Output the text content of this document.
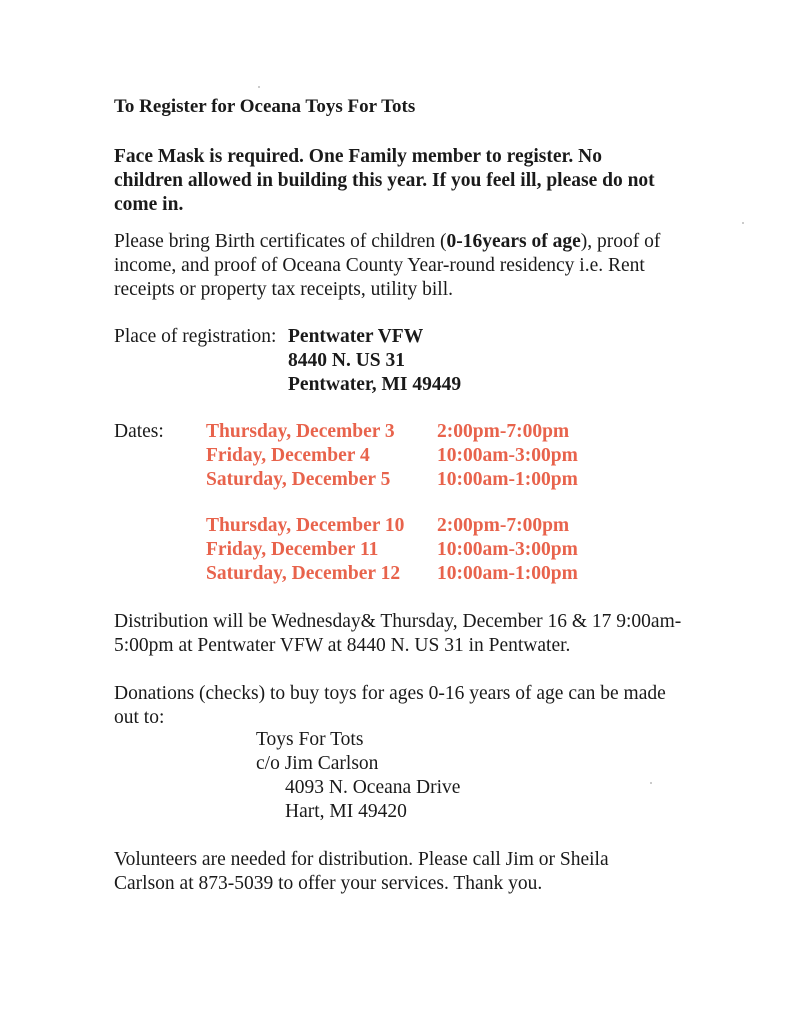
To Register for Oceana Toys For Tots

Face Mask is required. One Family member to register. No children allowed in building this year. If you feel ill, please do not come in.

Please bring Birth certificates of children (0-16years of age), proof of income, and proof of Oceana County Year-round residency i.e. Rent receipts or property tax receipts, utility bill.

Place of registration: Pentwater VFW
8440 N. US 31
Pentwater, MI 49449
Dates: Thursday, December 3 2:00pm-7:00pm
Friday, December 4	10:00am-3:00pm
Saturday, December 5 10:00am-1:00pm
Thursday, December 10 2:00pm-7:00pm
Friday, December 11	10:00am-3:00pm
Saturday, December 12 10:00am-1:00pm

Distribution will be Wednesday& Thursday, December 16 & 17 9:00am-5:00pm at Pentwater VFW at 8440 N. US 31 in Pentwater.

Donations (checks) to buy toys for ages 0-16 years of age can be made out to:

Toys For Tots
c/o Jim Carlson
4093 N. Oceana Drive
Hart, MI 49420

Volunteers are needed for distribution. Please call Jim or Sheila Carlson at 873-5039 to offer your services. Thank you.
